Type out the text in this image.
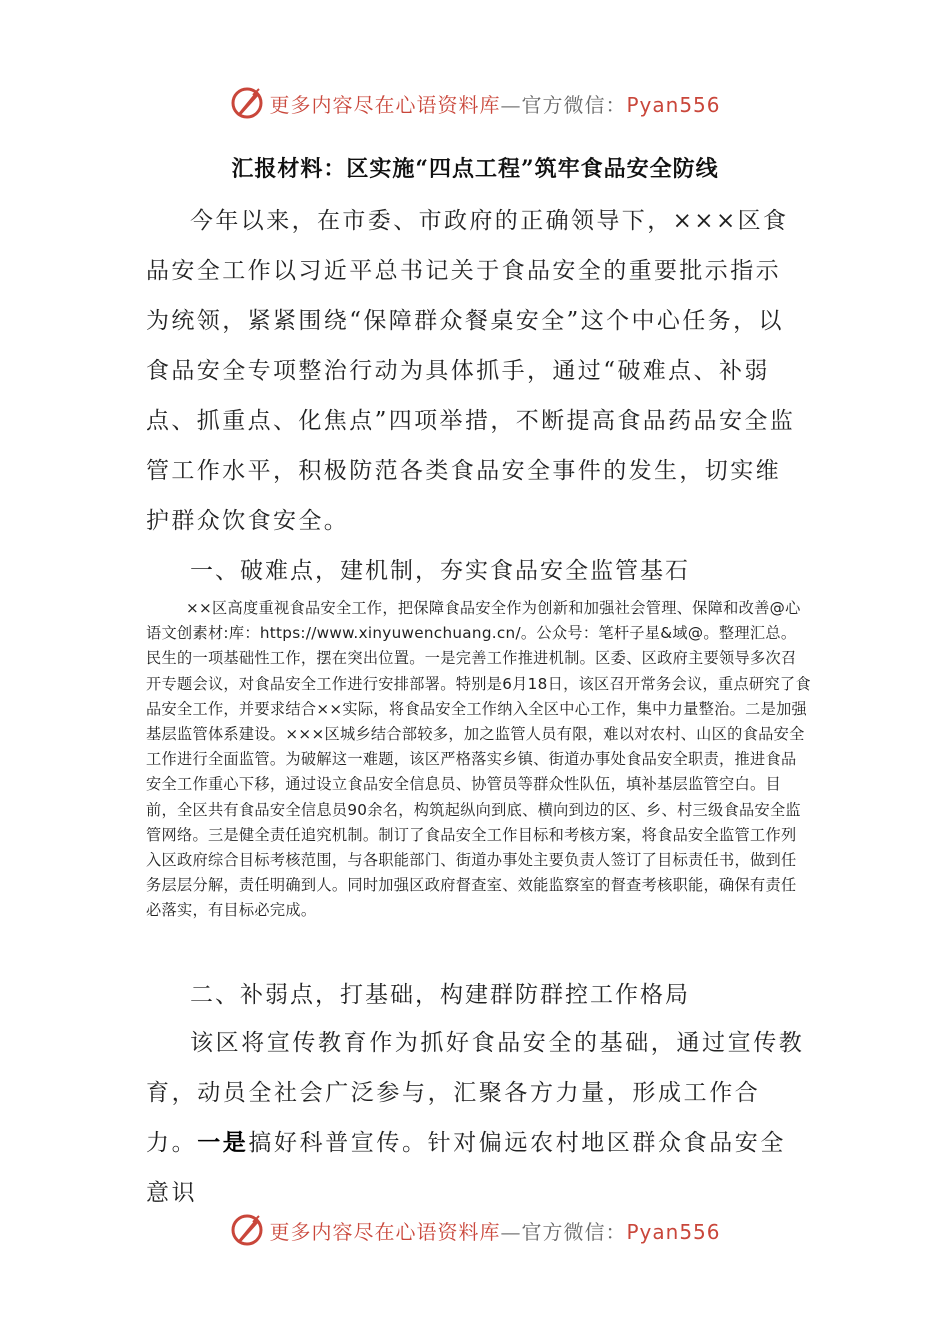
更多内容尽在心语资料库—官方微信：Pyan556
汇报材料：区实施“四点工程”筑牢食品安全防线

今年以来，在市委、市政府的正确领导下，×××区食品安全工作以习近平总书记关于食品安全的重要批示指示为统领，紧紧围绕“保障群众餐桌安全”这个中心任务，以食品安全专项整治行动为具体抓手，通过“破难点、补弱点、抓重点、化焦点”四项举措，不断提高食品药品安全监管工作水平，积极防范各类食品安全事件的发生，切实维护群众饮食安全。

一、破难点，建机制，夯实食品安全监管基石

××区高度重视食品安全工作，把保障食品安全作为创新和加强社会管理、保障和改善@心语文创素材:库：https://www.xinyuwenchuang.cn/。公众号：笔杆子星&域@。整理汇总。民生的一项基础性工作，摆在突出位置。一是完善工作推进机制。区委、区政府主要领导多次召开专题会议，对食品安全工作进行安排部署。特别是6月18日，该区召开常务会议，重点研究了食品安全工作，并要求结合××实际，将食品安全工作纳入全区中心工作，集中力量整治。二是加强基层监管体系建设。×××区城乡结合部较多，加之监管人员有限，难以对农村、山区的食品安全工作进行全面监管。为破解这一难题，该区严格落实乡镇、街道办事处食品安全职责，推进食品安全工作重心下移，通过设立食品安全信息员、协管员等群众性队伍，填补基层监管空白。目前，全区共有食品安全信息员90余名，构筑起纵向到底、横向到边的区、乡、村三级食品安全监管网络。三是健全责任追究机制。制订了食品安全工作目标和考核方案，将食品安全监管工作列入区政府综合目标考核范围，与各职能部门、街道办事处主要负责人签订了目标责任书，做到任务层层分解，责任明确到人。同时加强区政府督查室、效能监察室的督查考核职能，确保有责任必落实，有目标必完成。

二、补弱点，打基础，构建群防群控工作格局

该区将宣传教育作为抓好食品安全的基础，通过宣传教育，动员全社会广泛参与，汇聚各方力量，形成工作合力。一是搞好科普宣传。针对偏远农村地区群众食品安全意识

更多内容尽在心语资料库—官方微信：Pyan556
